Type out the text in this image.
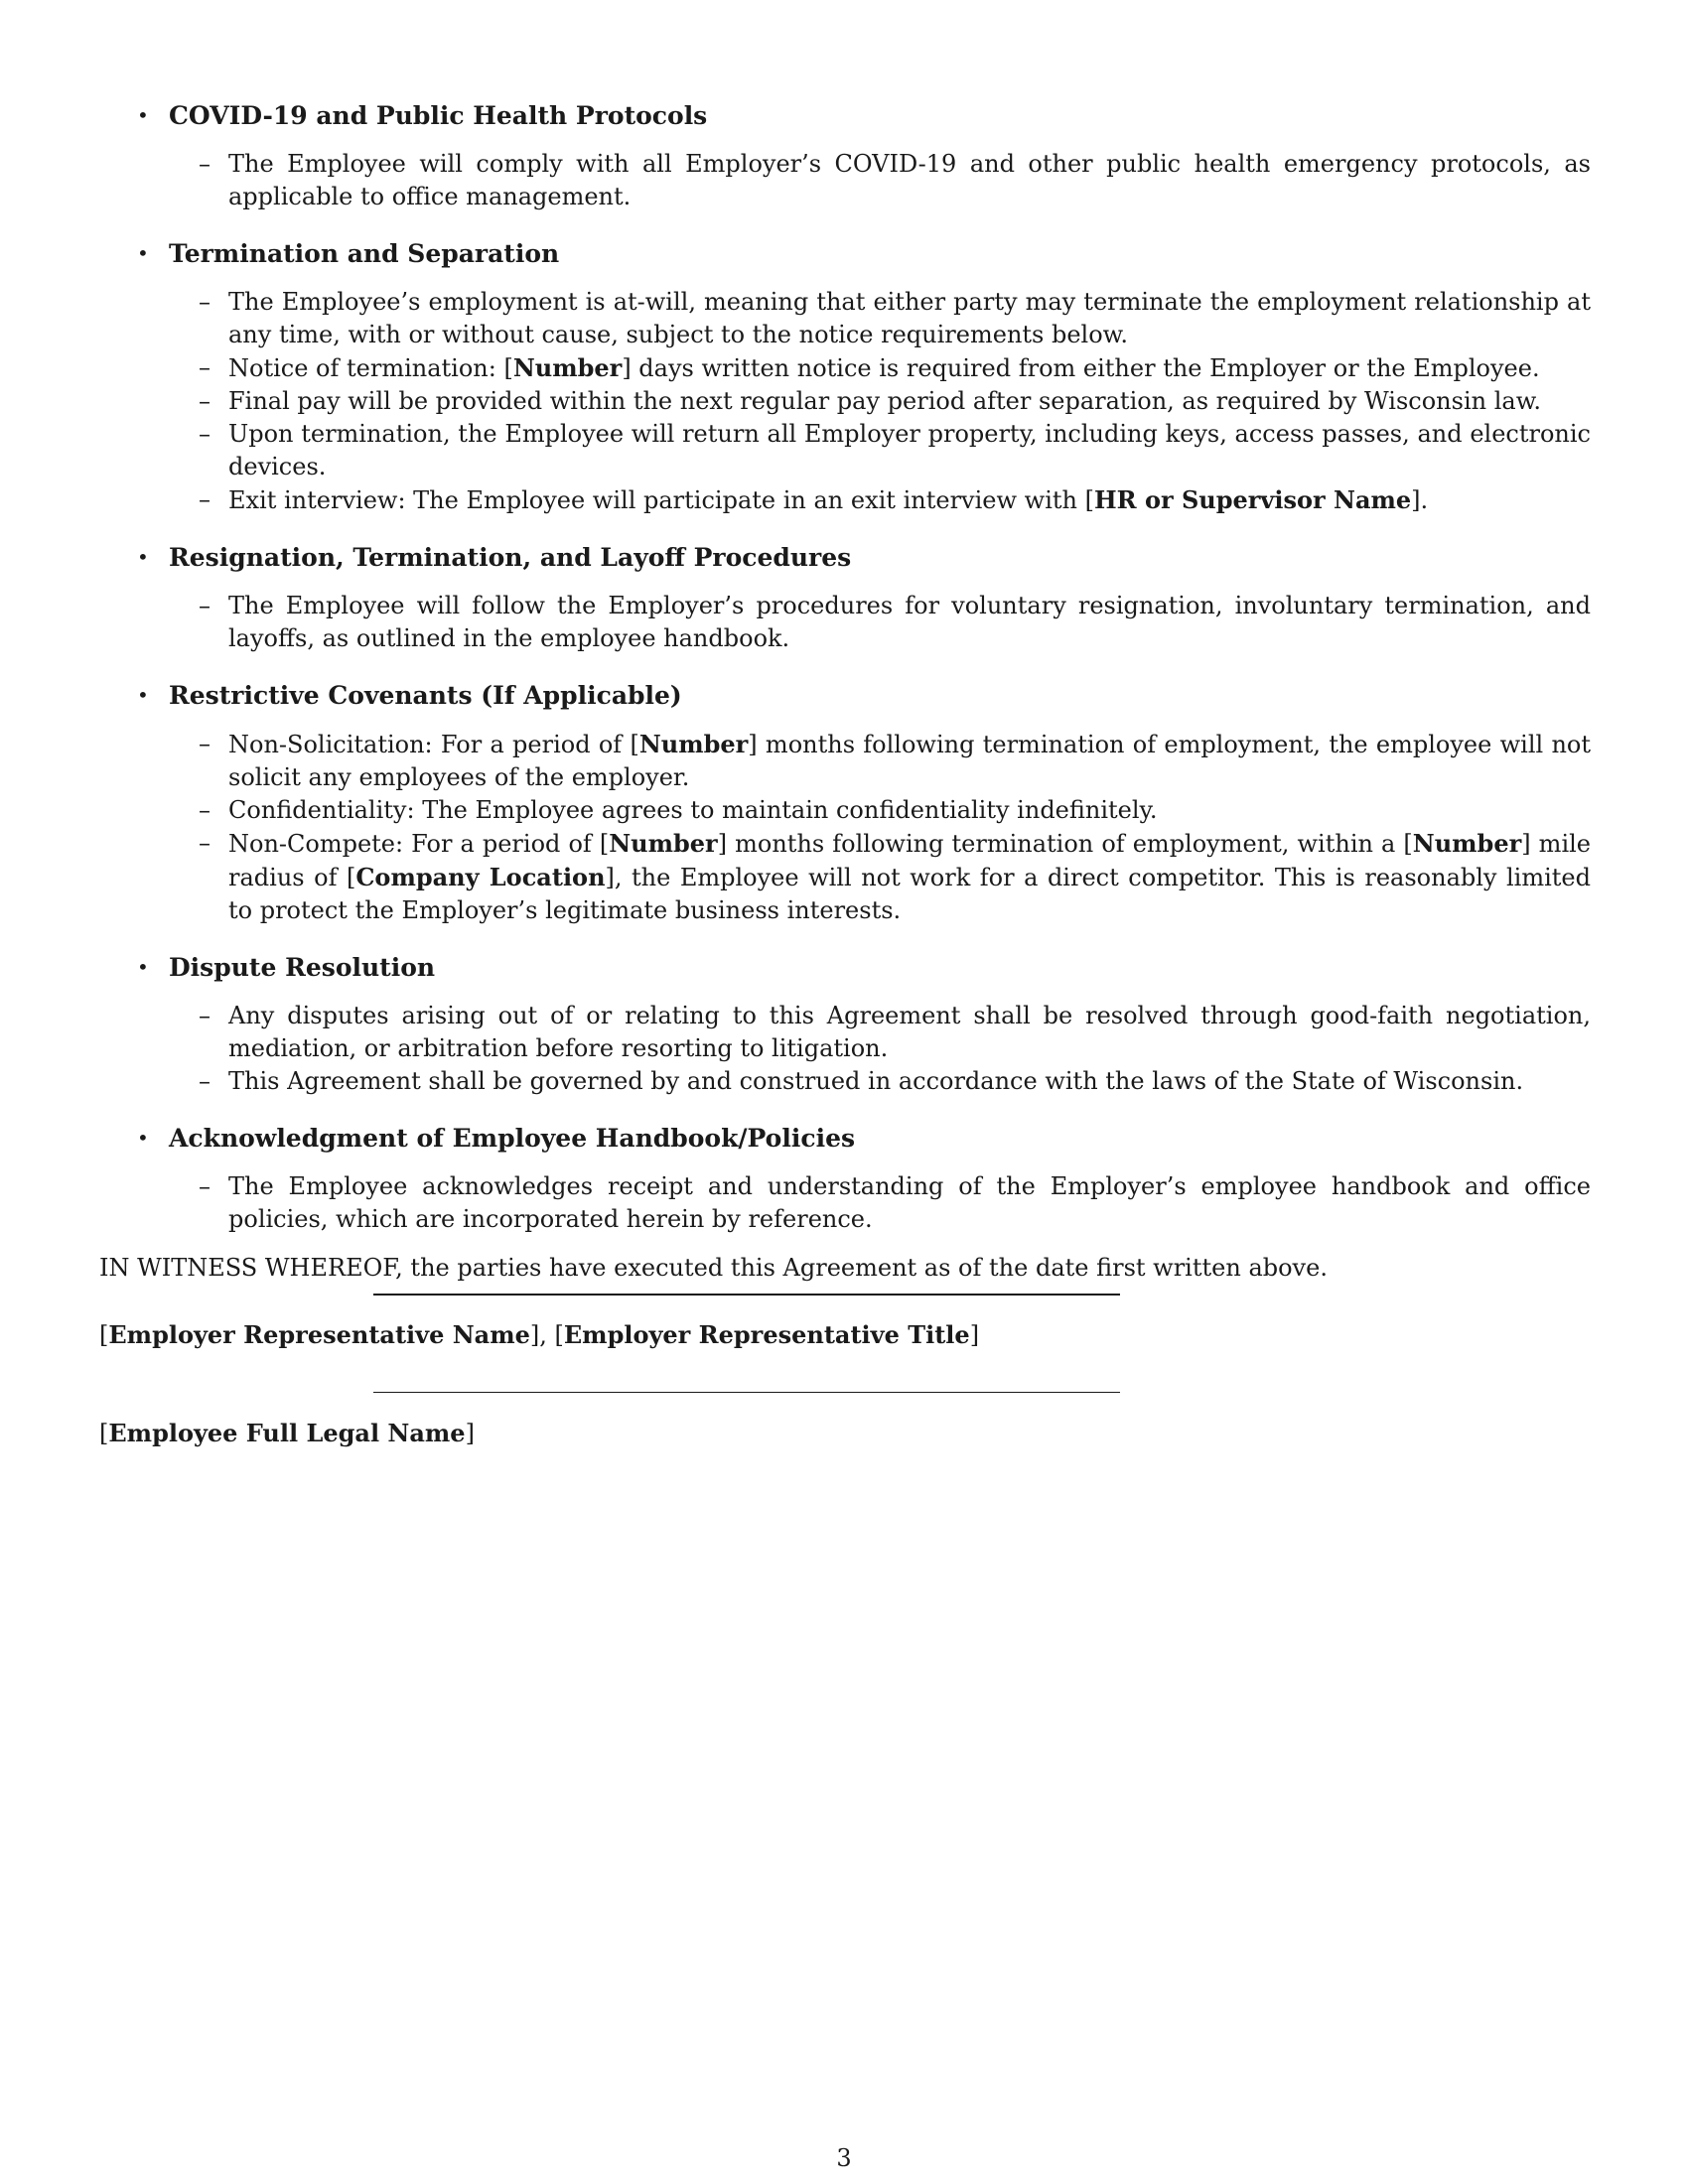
• COVID-19 and Public Health Protocols
– The Employee will comply with all Employer’s COVID-19 and other public health emergency protocols, as applicable to office management.
• Termination and Separation
– The Employee’s employment is at-will, meaning that either party may terminate the employment relationship at any time, with or without cause, subject to the notice requirements below.
– Notice of termination: [Number] days written notice is required from either the Employer or the Employee.
– Final pay will be provided within the next regular pay period after separation, as required by Wisconsin law.
– Upon termination, the Employee will return all Employer property, including keys, access passes, and electronic devices.
– Exit interview: The Employee will participate in an exit interview with [HR or Supervisor Name].
• Resignation, Termination, and Layoff Procedures
– The Employee will follow the Employer’s procedures for voluntary resignation, involuntary termination, and layoffs, as outlined in the employee handbook.
• Restrictive Covenants (If Applicable)
– Non-Solicitation: For a period of [Number] months following termination of employment, the employee will not solicit any employees of the employer.
– Confidentiality: The Employee agrees to maintain confidentiality indefinitely.
– Non-Compete: For a period of [Number] months following termination of employment, within a [Number] mile radius of [Company Location], the Employee will not work for a direct competitor. This is reasonably limited to protect the Employer’s legitimate business interests.
• Dispute Resolution
– Any disputes arising out of or relating to this Agreement shall be resolved through good-faith negotiation, mediation, or arbitration before resorting to litigation.
– This Agreement shall be governed by and construed in accordance with the laws of the State of Wisconsin.
• Acknowledgment of Employee Handbook/Policies
– The Employee acknowledges receipt and understanding of the Employer’s employee handbook and office policies, which are incorporated herein by reference.
IN WITNESS WHEREOF, the parties have executed this Agreement as of the date first written above.
[Employer Representative Name], [Employer Representative Title]
[Employee Full Legal Name]
3
